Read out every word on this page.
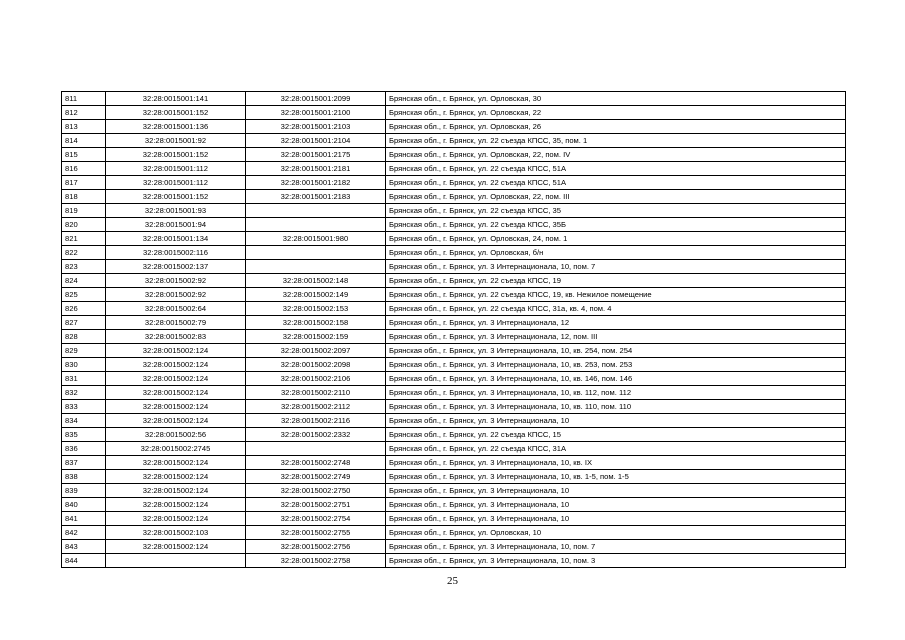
811	32:28:0015001:141	32:28:0015001:2099	Брянская обл., г. Брянск, ул. Орловская, 30
812	32:28:0015001:152	32:28:0015001:2100	Брянская обл., г. Брянск, ул. Орловская, 22
813	32:28:0015001:136	32:28:0015001:2103	Брянская обл., г. Брянск, ул. Орловская, 26
814	32:28:0015001:92	32:28:0015001:2104	Брянская обл., г. Брянск, ул. 22 съезда КПСС, 35, пом. 1
815	32:28:0015001:152	32:28:0015001:2175	Брянская обл., г. Брянск, ул. Орловская, 22, пом. IV
816	32:28:0015001:112	32:28:0015001:2181	Брянская обл., г. Брянск, ул. 22 съезда КПСС, 51А
817	32:28:0015001:112	32:28:0015001:2182	Брянская обл., г. Брянск, ул. 22 съезда КПСС, 51А
818	32:28:0015001:152	32:28:0015001:2183	Брянская обл., г. Брянск, ул. Орловская, 22, пом. III
819	32:28:0015001:93		Брянская обл., г. Брянск, ул. 22 съезда КПСС, 35
820	32:28:0015001:94		Брянская обл., г. Брянск, ул. 22 съезда КПСС, 35Б
821	32:28:0015001:134	32:28:0015001:980	Брянская обл., г. Брянск, ул. Орловская, 24, пом. 1
822	32:28:0015002:116		Брянская обл., г. Брянск, ул. Орловская, б/н
823	32:28:0015002:137		Брянская обл., г. Брянск, ул. 3 Интернационала, 10, пом. 7
824	32:28:0015002:92	32:28:0015002:148	Брянская обл., г. Брянск, ул. 22 съезда КПСС, 19
825	32:28:0015002:92	32:28:0015002:149	Брянская обл., г. Брянск, ул. 22 съезда КПСС, 19, кв. Нежилое помещение
826	32:28:0015002:64	32:28:0015002:153	Брянская обл., г. Брянск, ул. 22 съезда КПСС, 31а, кв. 4, пом. 4
827	32:28:0015002:79	32:28:0015002:158	Брянская обл., г. Брянск, ул. 3 Интернационала, 12
828	32:28:0015002:83	32:28:0015002:159	Брянская обл., г. Брянск, ул. 3 Интернационала, 12, пом. III
829	32:28:0015002:124	32:28:0015002:2097	Брянская обл., г. Брянск, ул. 3 Интернационала, 10, кв. 254, пом. 254
830	32:28:0015002:124	32:28:0015002:2098	Брянская обл., г. Брянск, ул. 3 Интернационала, 10, кв. 253, пом. 253
831	32:28:0015002:124	32:28:0015002:2106	Брянская обл., г. Брянск, ул. 3 Интернационала, 10, кв. 146, пом. 146
832	32:28:0015002:124	32:28:0015002:2110	Брянская обл., г. Брянск, ул. 3 Интернационала, 10, кв. 112, пом. 112
833	32:28:0015002:124	32:28:0015002:2112	Брянская обл., г. Брянск, ул. 3 Интернационала, 10, кв. 110, пом. 110
834	32:28:0015002:124	32:28:0015002:2116	Брянская обл., г. Брянск, ул. 3 Интернационала, 10
835	32:28:0015002:56	32:28:0015002:2332	Брянская обл., г. Брянск, ул. 22 съезда КПСС, 15
836	32:28:0015002:2745		Брянская обл., г. Брянск, ул. 22 съезда КПСС, 31А
837	32:28:0015002:124	32:28:0015002:2748	Брянская обл., г. Брянск, ул. 3 Интернационала, 10, кв. IX
838	32:28:0015002:124	32:28:0015002:2749	Брянская обл., г. Брянск, ул. 3 Интернационала, 10, кв. 1-5, пом. 1-5
839	32:28:0015002:124	32:28:0015002:2750	Брянская обл., г. Брянск, ул. 3 Интернационала, 10
840	32:28:0015002:124	32:28:0015002:2751	Брянская обл., г. Брянск, ул. 3 Интернационала, 10
841	32:28:0015002:124	32:28:0015002:2754	Брянская обл., г. Брянск, ул. 3 Интернационала, 10
842	32:28:0015002:103	32:28:0015002:2755	Брянская обл., г. Брянск, ул. Орловская, 10
843	32:28:0015002:124	32:28:0015002:2756	Брянская обл., г. Брянск, ул. 3 Интернационала, 10, пом. 7
844		32:28:0015002:2758	Брянская обл., г. Брянск, ул. 3 Интернационала, 10, пом. 3
25
